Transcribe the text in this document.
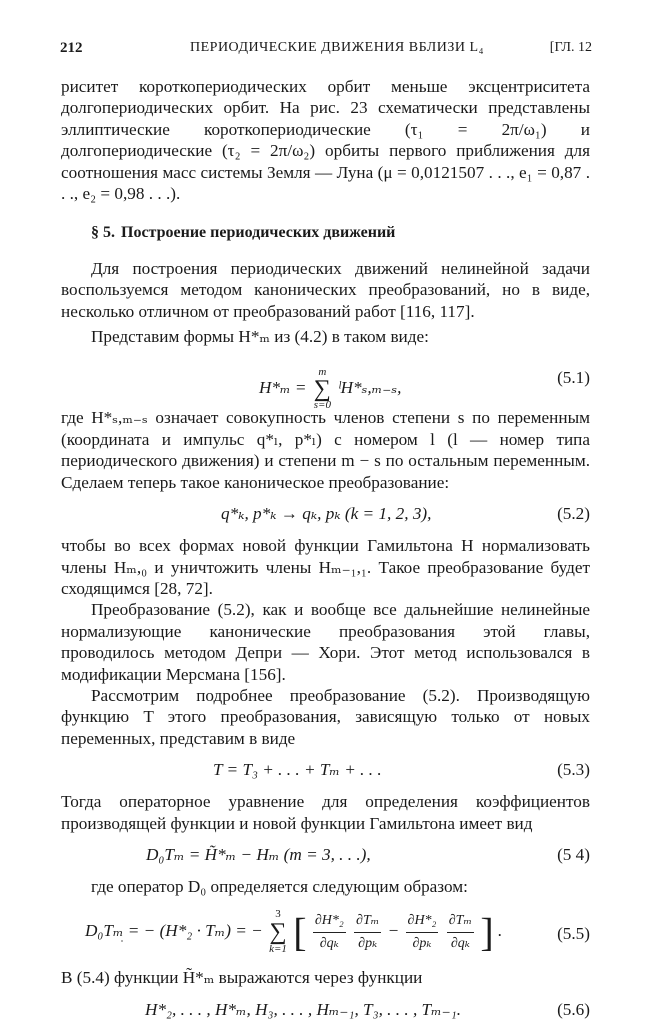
212	ПЕРИОДИЧЕСКИЕ ДВИЖЕНИЯ ВБЛИЗИ L₄	[ГЛ. 12

риситет короткопериодических орбит меньше эксцентриситета долгопериодических орбит. На рис. 23 схематически представлены эллиптические короткопериодические (τ₁ = 2π/ω₁) и долгопериодические (τ₂ = 2π/ω₂) орбиты первого приближения для соотношения масс системы Земля — Луна (μ = 0,0121507 . . ., e₁ = 0,87 . . ., e₂ = 0,98 . . .).

§ 5. Построение периодических движений

Для построения периодических движений нелинейной задачи воспользуемся методом канонических преобразований, но в виде, несколько отличном от преобразований работ [116, 117].

Представим формы H*ₘ из (4.2) в таком виде:

H*ₘ =
m
∑
s=0
ˡH*ₛ,ₘ₋ₛ,
(5.1)

где H*ₛ,ₘ₋ₛ означает совокупность членов степени s по переменным (координата и импульс q*ₗ, p*ₗ) с номером l (l — номер типа периодического движения) и степени m − s по остальным переменным. Сделаем теперь такое каноническое преобразование:

q*ₖ, p*ₖ → qₖ, pₖ (k = 1, 2, 3),	(5.2)

чтобы во всех формах новой функции Гамильтона H нормализовать члены Hₘ,₀ и уничтожить члены Hₘ₋₁,₁. Такое преобразование будет сходящимся [28, 72].

Преобразование (5.2), как и вообще все дальнейшие нелинейные нормализующие канонические преобразования этой главы, проводилось методом Депри — Хори. Этот метод использовался в модификации Мерсмана [156].

Рассмотрим подробнее преобразование (5.2). Производящую функцию T этого преобразования, зависящую только от новых переменных, представим в виде

T = T₃ + . . . + Tₘ + . . .	(5.3)

Тогда операторное уравнение для определения коэффициентов производящей функции и новой функции Гамильтона имеет вид

D₀Tₘ = H̃*ₘ − Hₘ (m = 3, . . .),	(5 4)

где оператор D₀ определяется следующим образом:

D₀Tₘ = − (H*₂ · Tₘ) = −
3
∑
k=1 [ $\frac{\text{∂H*₂}}{\text{∂qₖ}}$
$\frac{\text{∂Tₘ}}{\text{∂pₖ}} - \frac{\text{∂H*₂}}{\text{∂pₖ}}$
$\frac{\text{∂Tₘ}}{\text{∂qₖ}}$ ] .	(5.5)

В (5.4) функции H̃*ₘ выражаются через функции

H*₂, . . . , H*ₘ, H₃, . . . , Hₘ₋₁, T₃, . . . , Tₘ₋₁.	(5.6)
